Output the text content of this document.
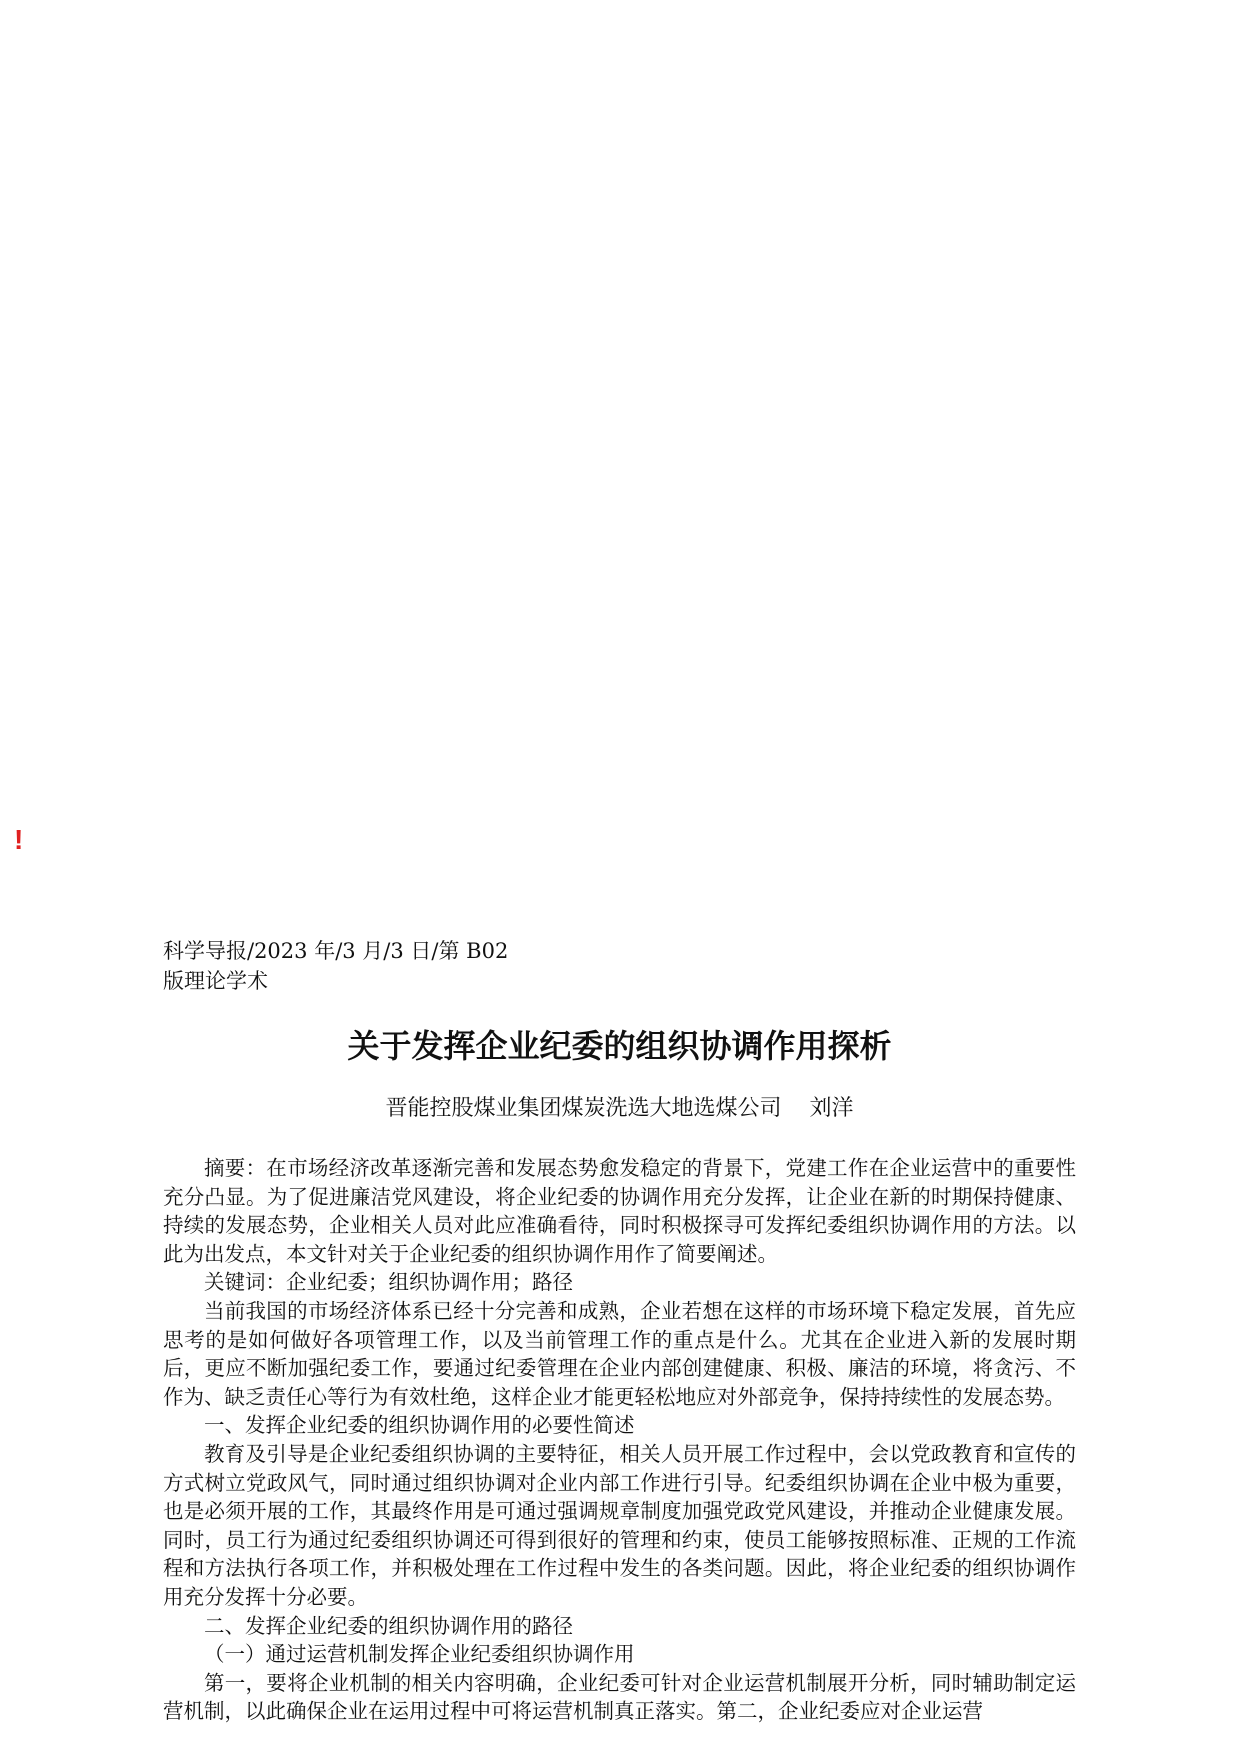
!
科学导报/2023 年/3 月/3 日/第 B02
版理论学术
关于发挥企业纪委的组织协调作用探析
晋能控股煤业集团煤炭洗选大地选煤公司 刘洋

摘要：在市场经济改革逐渐完善和发展态势愈发稳定的背景下，党建工作在企业运营中的重要性充分凸显。为了促进廉洁党风建设，将企业纪委的协调作用充分发挥，让企业在新的时期保持健康、持续的发展态势，企业相关人员对此应准确看待，同时积极探寻可发挥纪委组织协调作用的方法。以此为出发点，本文针对关于企业纪委的组织协调作用作了简要阐述。

关键词：企业纪委；组织协调作用；路径

当前我国的市场经济体系已经十分完善和成熟，企业若想在这样的市场环境下稳定发展，首先应思考的是如何做好各项管理工作，以及当前管理工作的重点是什么。尤其在企业进入新的发展时期后，更应不断加强纪委工作，要通过纪委管理在企业内部创建健康、积极、廉洁的环境，将贪污、不作为、缺乏责任心等行为有效杜绝，这样企业才能更轻松地应对外部竞争，保持持续性的发展态势。

一、发挥企业纪委的组织协调作用的必要性简述

教育及引导是企业纪委组织协调的主要特征，相关人员开展工作过程中，会以党政教育和宣传的方式树立党政风气，同时通过组织协调对企业内部工作进行引导。纪委组织协调在企业中极为重要，也是必须开展的工作，其最终作用是可通过强调规章制度加强党政党风建设，并推动企业健康发展。同时，员工行为通过纪委组织协调还可得到很好的管理和约束，使员工能够按照标准、正规的工作流程和方法执行各项工作，并积极处理在工作过程中发生的各类问题。因此，将企业纪委的组织协调作用充分发挥十分必要。

二、发挥企业纪委的组织协调作用的路径

（一）通过运营机制发挥企业纪委组织协调作用

第一，要将企业机制的相关内容明确，企业纪委可针对企业运营机制展开分析，同时辅助制定运营机制，以此确保企业在运用过程中可将运营机制真正落实。第二，企业纪委应对企业运营
